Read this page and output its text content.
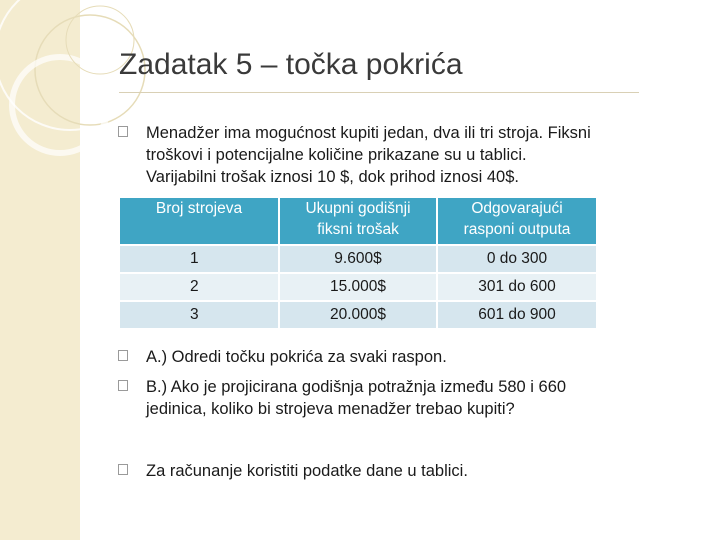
Zadatak 5 – točka pokrića
Menadžer ima mogućnost kupiti jedan, dva ili tri stroja. Fiksni
troškovi i potencijalne količine prikazane su u tablici.
Varijabilni trošak iznosi 10 $, dok prihod iznosi 40$.
Broj strojeva	Ukupni godišnji fiksni trošak	Odgovarajući rasponi outputa
1	9.600$	0 do 300
2	15.000$	301 do 600
3	20.000$	601 do 900
A.) Odredi točku pokrića za svaki raspon.
B.) Ako je projicirana godišnja potražnja između 580 i 660
jedinica, koliko bi strojeva menadžer trebao kupiti?
Za računanje koristiti podatke dane u tablici.
